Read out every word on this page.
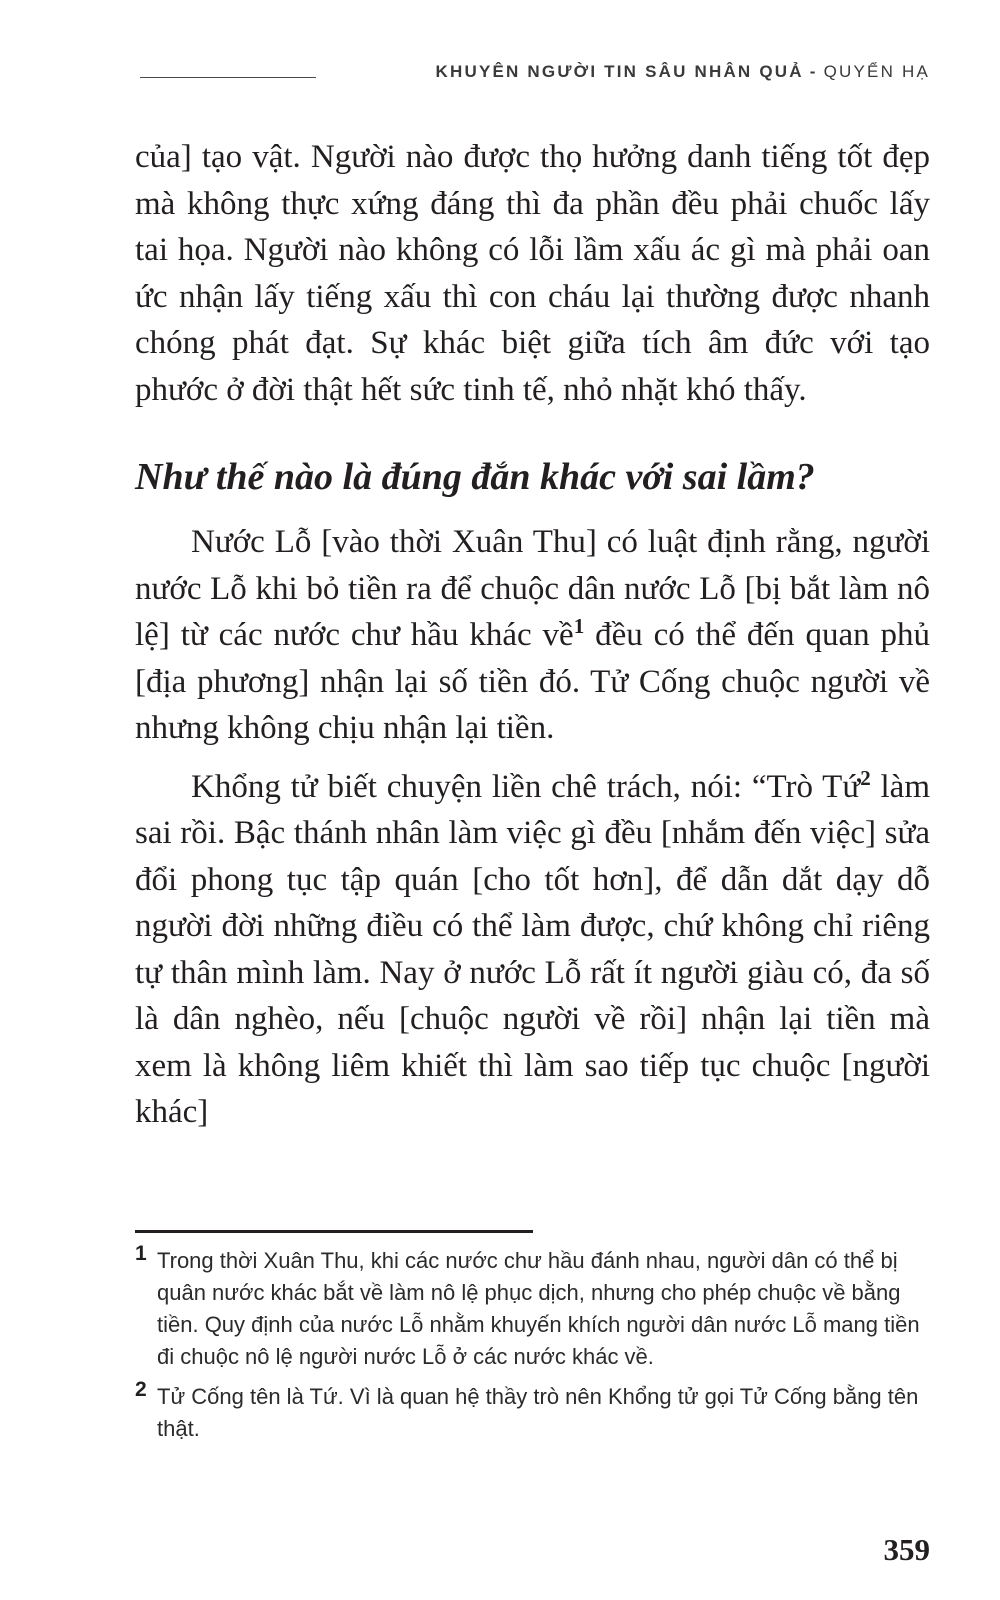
KHUYÊN NGƯỜI TIN SÂU NHÂN QUẢ - QUYỂN HẠ

của] tạo vật. Người nào được thọ hưởng danh tiếng tốt đẹp mà không thực xứng đáng thì đa phần đều phải chuốc lấy tai họa. Người nào không có lỗi lầm xấu ác gì mà phải oan ức nhận lấy tiếng xấu thì con cháu lại thường được nhanh chóng phát đạt. Sự khác biệt giữa tích âm đức với tạo phước ở đời thật hết sức tinh tế, nhỏ nhặt khó thấy.

Như thế nào là đúng đắn khác với sai lầm?

Nước Lỗ [vào thời Xuân Thu] có luật định rằng, người nước Lỗ khi bỏ tiền ra để chuộc dân nước Lỗ [bị bắt làm nô lệ] từ các nước chư hầu khác về$^1$ đều có thể đến quan phủ [địa phương] nhận lại số tiền đó. Tử Cống chuộc người về nhưng không chịu nhận lại tiền.

Khổng tử biết chuyện liền chê trách, nói: “Trò Tứ$^2$ làm sai rồi. Bậc thánh nhân làm việc gì đều [nhắm đến việc] sửa đổi phong tục tập quán [cho tốt hơn], để dẫn dắt dạy dỗ người đời những điều có thể làm được, chứ không chỉ riêng tự thân mình làm. Nay ở nước Lỗ rất ít người giàu có, đa số là dân nghèo, nếu [chuộc người về rồi] nhận lại tiền mà xem là không liêm khiết thì làm sao tiếp tục chuộc [người khác]

1 Trong thời Xuân Thu, khi các nước chư hầu đánh nhau, người dân có thể bị quân nước khác bắt về làm nô lệ phục dịch, nhưng cho phép chuộc về bằng tiền. Quy định của nước Lỗ nhằm khuyến khích người dân nước Lỗ mang tiền đi chuộc nô lệ người nước Lỗ ở các nước khác về.
2 Tử Cống tên là Tứ. Vì là quan hệ thầy trò nên Khổng tử gọi Tử Cống bằng tên thật.
359
